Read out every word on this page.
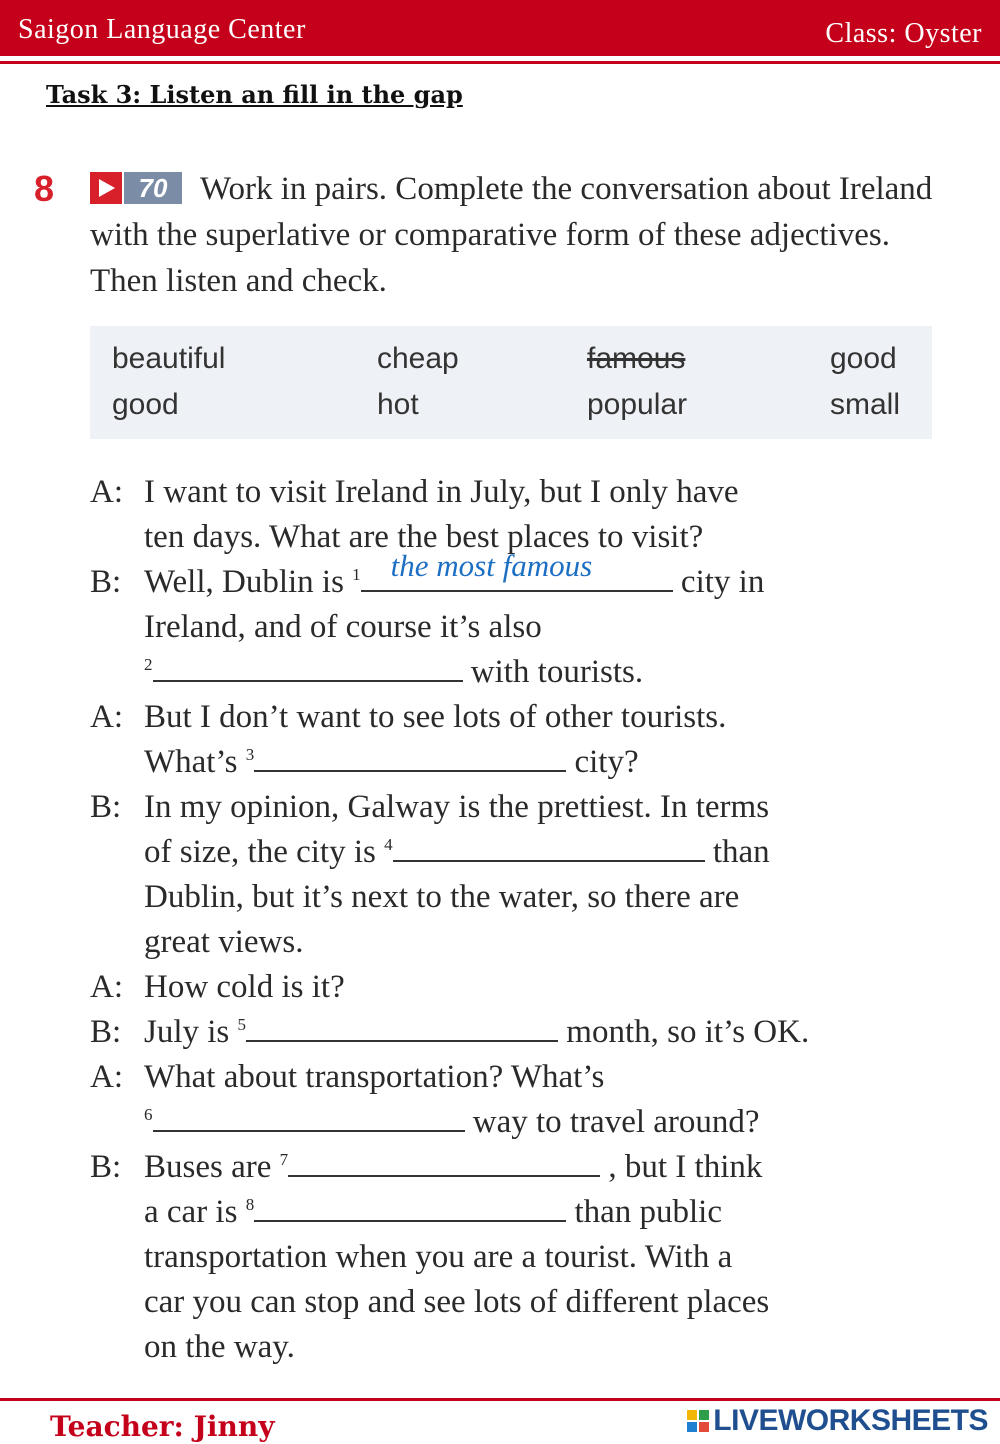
Saigon Language Center	Class: Oyster
Task 3: Listen an fill in the gap
8	70 Work in pairs. Complete the conversation about Ireland with the superlative or comparative form of these adjectives. Then listen and check.
beautiful	cheap	famous	good
good	hot	popular	small
A: I want to visit Ireland in July, but I only have
ten days. What are the best places to visit?
B: Well, Dublin is $^1$ the most famous	city in
Ireland, and of course it’s also
$^2$	with tourists.
A: But I don’t want to see lots of other tourists.
What’s $^3$	city?
B: In my opinion, Galway is the prettiest. In terms
of size, the city is $^4$	than
Dublin, but it’s next to the water, so there are
great views.
A: How cold is it?
B: July is $^5$	month, so it’s OK.
A: What about transportation? What’s
$^6$	way to travel around?
B: Buses are $^7$	, but I think
a car is $^8$	than public
transportation when you are a tourist. With a
car you can stop and see lots of different places
on the way.
Teacher: Jinny	LIVEWORKSHEETS
